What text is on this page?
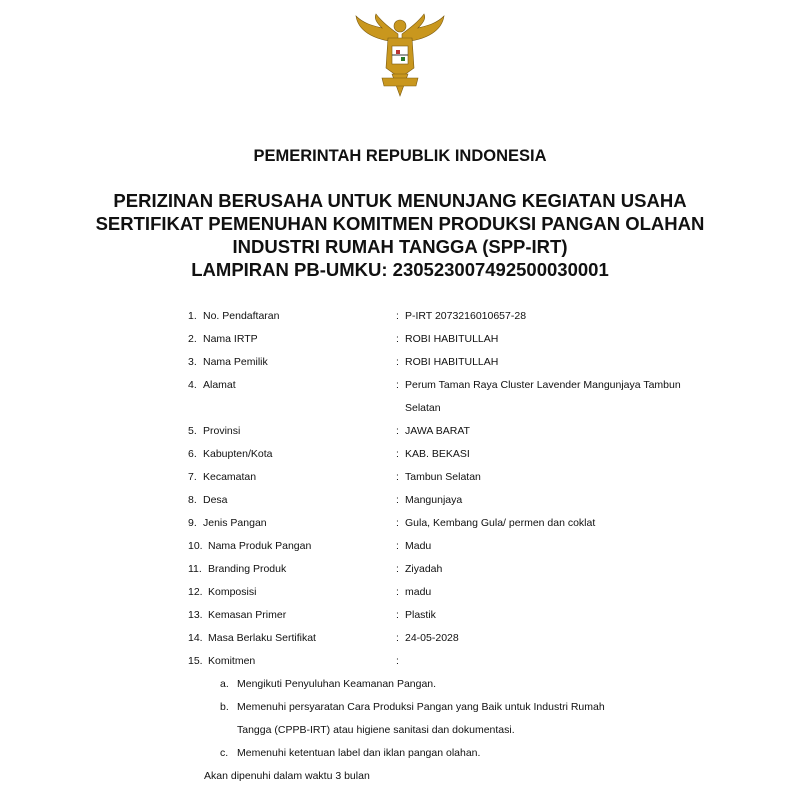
PEMERINTAH REPUBLIK INDONESIA
PERIZINAN BERUSAHA UNTUK MENUNJANG KEGIATAN USAHA
SERTIFIKAT PEMENUHAN KOMITMEN PRODUKSI PANGAN OLAHAN
INDUSTRI RUMAH TANGGA (SPP-IRT)
LAMPIRAN PB-UMKU: 230523007492500030001
1. No. Pendaftaran	: P-IRT 2073216010657-28
2. Nama IRTP	: ROBI HABITULLAH
3. Nama Pemilik	: ROBI HABITULLAH
4. Alamat	: Perum Taman Raya Cluster Lavender Mangunjaya Tambun
Selatan
5. Provinsi	: JAWA BARAT
6. Kabupten/Kota	: KAB. BEKASI
7. Kecamatan	: Tambun Selatan
8. Desa	: Mangunjaya
9. Jenis Pangan	: Gula, Kembang Gula/ permen dan coklat
10. Nama Produk Pangan	: Madu
11. Branding Produk	: Ziyadah
12. Komposisi	: madu
13. Kemasan Primer	: Plastik
14. Masa Berlaku Sertifikat	: 24-05-2028
15. Komitmen	:
a. Mengikuti Penyuluhan Keamanan Pangan.
b. Memenuhi persyaratan Cara Produksi Pangan yang Baik untuk Industri Rumah
Tangga (CPPB-IRT) atau higiene sanitasi dan dokumentasi.
c. Memenuhi ketentuan label dan iklan pangan olahan.
Akan dipenuhi dalam waktu 3 bulan
